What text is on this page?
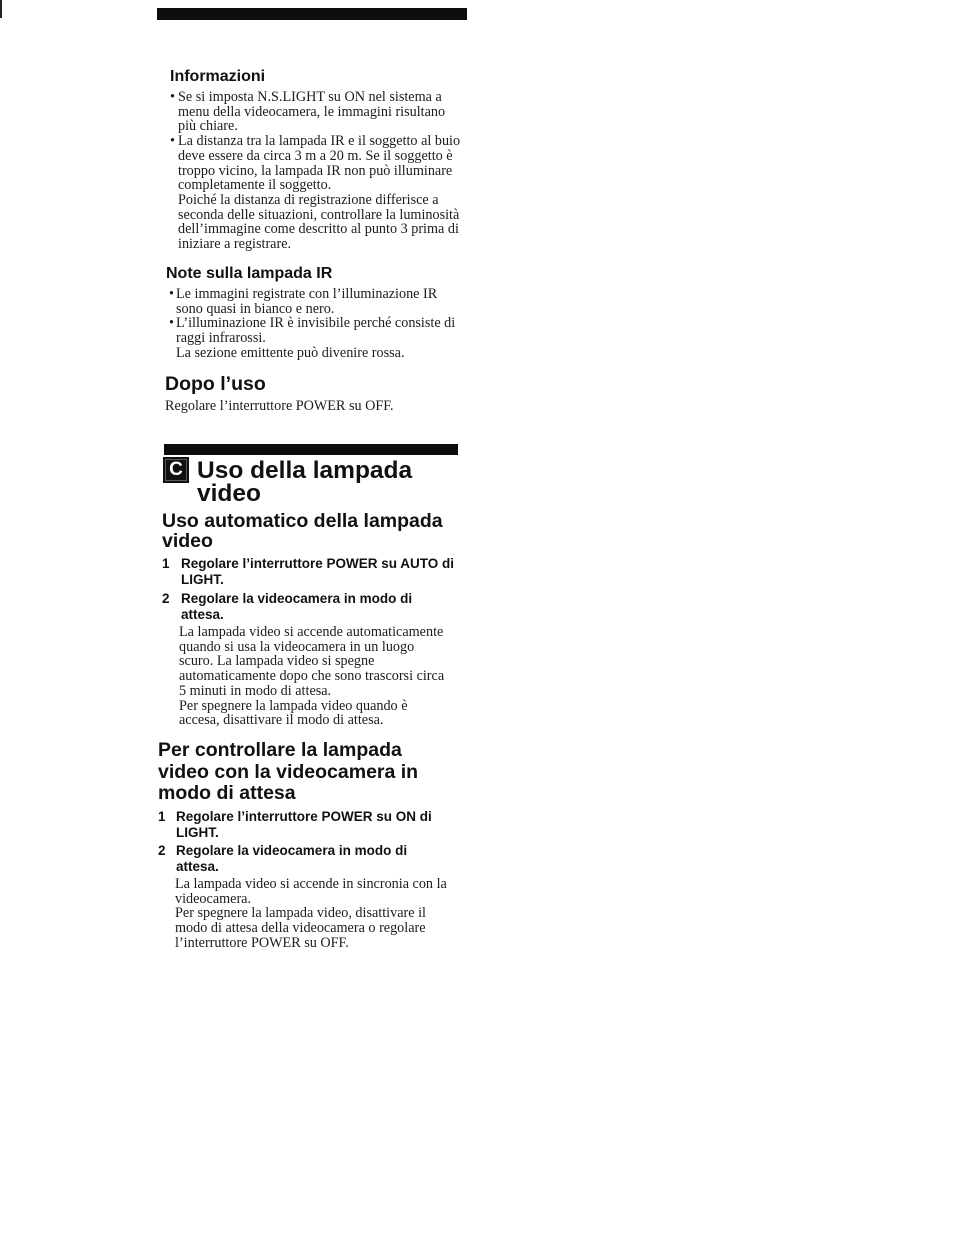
Informazioni
• Se si imposta N.S.LIGHT su ON nel sistema a
menu della videocamera, le immagini risultano
più chiare.
• La distanza tra la lampada IR e il soggetto al buio
deve essere da circa 3 m a 20 m. Se il soggetto è
troppo vicino, la lampada IR non può illuminare
completamente il soggetto.
Poiché la distanza di registrazione differisce a
seconda delle situazioni, controllare la luminosità
dell’immagine come descritto al punto 3 prima di
iniziare a registrare.
Note sulla lampada IR
• Le immagini registrate con l’illuminazione IR
sono quasi in bianco e nero.
• L’illuminazione IR è invisibile perché consiste di
raggi infrarossi.
La sezione emittente può divenire rossa.
Dopo l’uso
Regolare l’interruttore POWER su OFF.
C Uso della lampada
video
Uso automatico della lampada
video
1 Regolare l’interruttore POWER su AUTO di
LIGHT.
2 Regolare la videocamera in modo di
attesa.
La lampada video si accende automaticamente
quando si usa la videocamera in un luogo
scuro. La lampada video si spegne
automaticamente dopo che sono trascorsi circa
5 minuti in modo di attesa.
Per spegnere la lampada video quando è
accesa, disattivare il modo di attesa.
Per controllare la lampada
video con la videocamera in
modo di attesa
1 Regolare l’interruttore POWER su ON di
LIGHT.
2 Regolare la videocamera in modo di
attesa.
La lampada video si accende in sincronia con la
videocamera.
Per spegnere la lampada video, disattivare il
modo di attesa della videocamera o regolare
l’interruttore POWER su OFF.
